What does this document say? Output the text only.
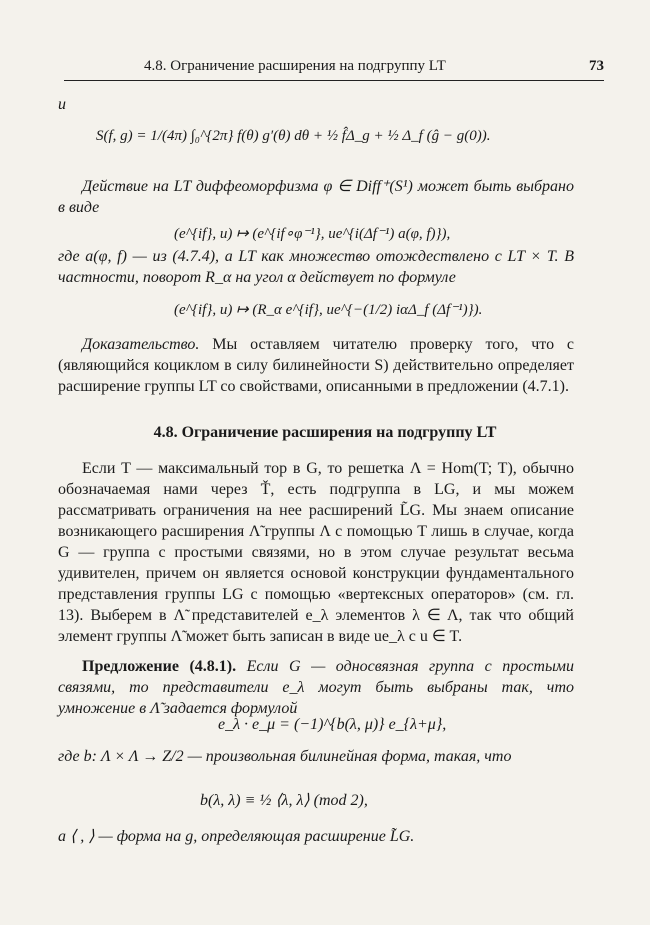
4.8. Ограничение расширения на подгруппу LT	73
и
S(f, g) = 1/(4π) ∫₀^{2π} f(θ) g′(θ) dθ + ½ f̂Δ_g + ½ Δ_f (ĝ − g(0)).
Действие на LT диффеоморфизма φ ∈ Diff⁺(S¹) может быть выбрано в виде
(e^{if}, u) ↦ (e^{if∘φ⁻¹}, ue^{i(Δf⁻¹) a(φ, f)}),
где a(φ, f) — из (4.7.4), а LT как множество отождествлено с LT × T. В частности, поворот R_α на угол α действует по формуле
(e^{if}, u) ↦ (R_α e^{if}, ue^{−(1/2) iαΔ_f (Δf⁻¹)}).
Доказательство. Мы оставляем читателю проверку того, что c (являющийся коциклом в силу билинейности S) действительно определяет расширение группы LT со свойствами, описанными в предложении (4.7.1).
4.8. Ограничение расширения на подгруппу LT
Если T — максимальный тор в G, то решетка Λ = Hom(T; T), обычно обозначаемая нами через Ť, есть подгруппа в LG, и мы можем рассматривать ограничения на нее расширений L̃G. Мы знаем описание возникающего расширения Λ̃ группы Λ с помощью T лишь в случае, когда G — группа с простыми связями, но в этом случае результат весьма удивителен, причем он является основой конструкции фундаментального представления группы LG с помощью «вертексных операторов» (см. гл. 13). Выберем в Λ̃ представителей e_λ элементов λ ∈ Λ, так что общий элемент группы Λ̃ может быть записан в виде ue_λ с u ∈ T.
Предложение (4.8.1). Если G — односвязная группа с простыми связями, то представители e_λ могут быть выбраны так, что умножение в Λ̃ задается формулой
e_λ · e_μ = (−1)^{b(λ, μ)} e_{λ+μ},
где b: Λ × Λ → Z/2 — произвольная билинейная форма, такая, что
b(λ, λ) ≡ ½ ⟨λ, λ⟩ (mod 2),
а ⟨ , ⟩ — форма на g, определяющая расширение L̃G.
